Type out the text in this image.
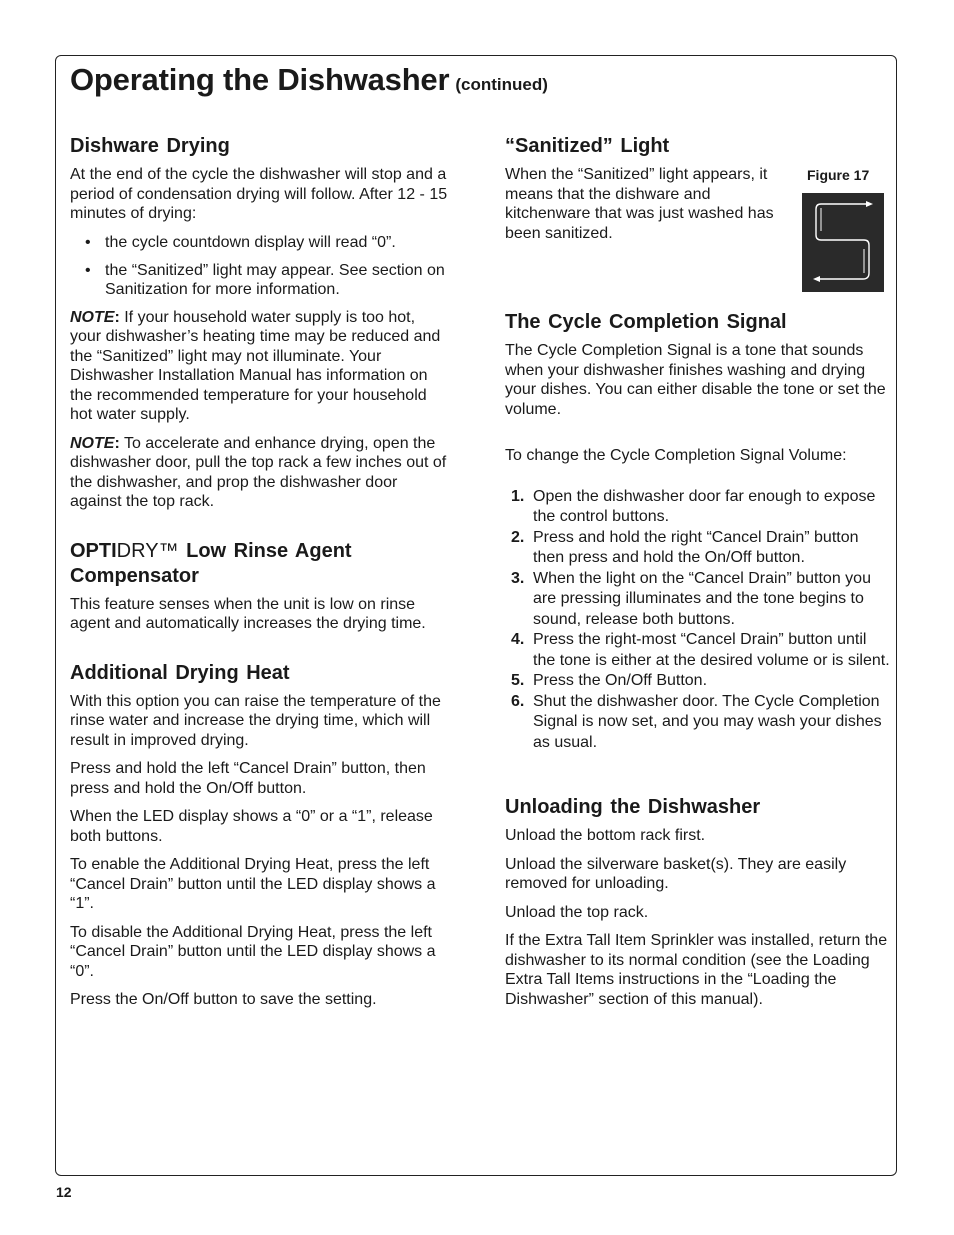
Operating the Dishwasher (continued)
Dishware Drying

At the end of the cycle the dishwasher will stop and a period of condensation drying will follow. After 12 - 15 minutes of drying:

• the cycle countdown display will read “0”.
• the “Sanitized” light may appear. See section on Sanitization for more information.

NOTE: If your household water supply is too hot, your dishwasher’s heating time may be reduced and the “Sanitized” light may not illuminate. Your Dishwasher Installation Manual has information on the recommended temperature for your household hot water supply.

NOTE: To accelerate and enhance drying, open the dishwasher door, pull the top rack a few inches out of the dishwasher, and prop the dishwasher door against the top rack.

OPTIDRY™ Low Rinse Agent Compensator

This feature senses when the unit is low on rinse agent and automatically increases the drying time.

Additional Drying Heat

With this option you can raise the temperature of the rinse water and increase the drying time, which will result in improved drying.

Press and hold the left “Cancel Drain” button, then press and hold the On/Off button.

When the LED display shows a “0” or a “1”, release both buttons.

To enable the Additional Drying Heat, press the left “Cancel Drain” button until the LED display shows a “1”.

To disable the Additional Drying Heat, press the left “Cancel Drain” button until the LED display shows a “0”.

Press the On/Off button to save the setting.

“Sanitized” Light

When the “Sanitized” light appears, it means that the dishware and kitchenware that was just washed has been sanitized.

Figure 17
The Cycle Completion Signal

The Cycle Completion Signal is a tone that sounds when your dishwasher finishes washing and drying your dishes. You can either disable the tone or set the volume.

To change the Cycle Completion Signal Volume:

1. Open the dishwasher door far enough to expose the control buttons.
2. Press and hold the right “Cancel Drain” button then press and hold the On/Off button.
3. When the light on the “Cancel Drain” button you are pressing illuminates and the tone begins to sound, release both buttons.
4. Press the right-most “Cancel Drain” button until the tone is either at the desired volume or is silent.
5. Press the On/Off Button.
6. Shut the dishwasher door. The Cycle Completion Signal is now set, and you may wash your dishes as usual.
Unloading the Dishwasher

Unload the bottom rack first.

Unload the silverware basket(s). They are easily removed for unloading.

Unload the top rack.

If the Extra Tall Item Sprinkler was installed, return the dishwasher to its normal condition (see the Loading Extra Tall Items instructions in the “Loading the Dishwasher” section of this manual).

12
